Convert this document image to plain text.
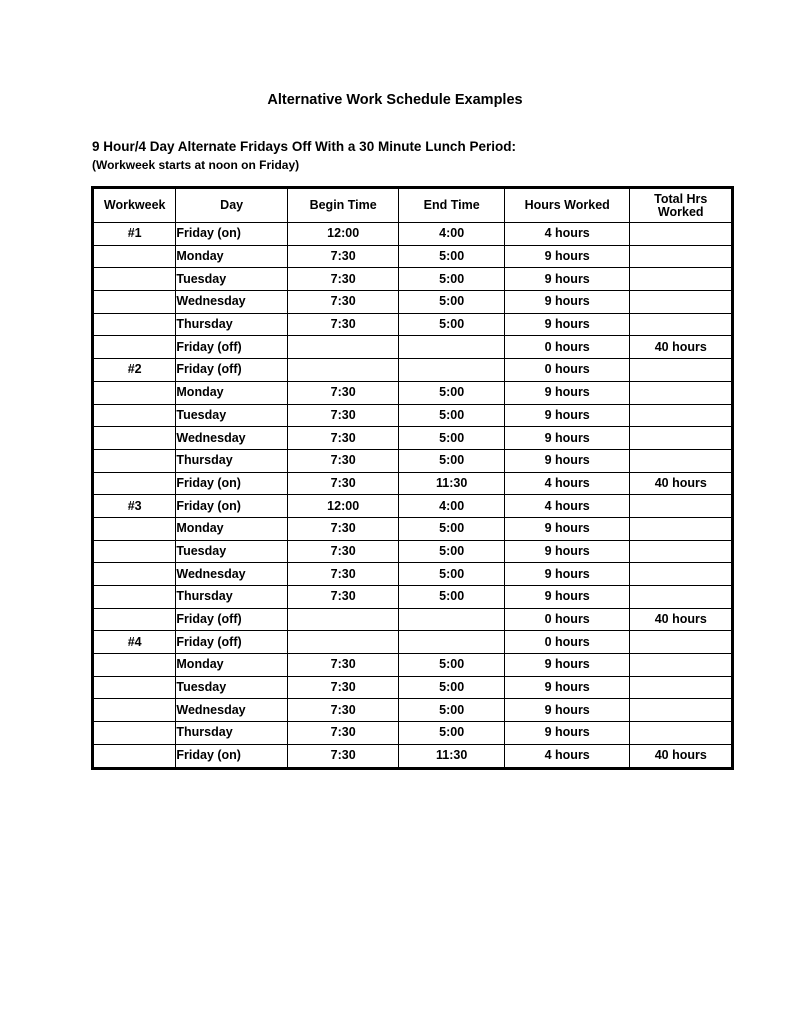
Alternative Work Schedule Examples
9 Hour/4 Day Alternate Fridays Off With a 30 Minute Lunch Period:
(Workweek starts at noon on Friday)
Workweek	Day	Begin Time	End Time	Hours Worked	Total Hrs
Worked

#1	Friday (on)	12:00	4:00	4 hours	
	Monday	7:30	5:00	9 hours	
	Tuesday	7:30	5:00	9 hours	
	Wednesday	7:30	5:00	9 hours	
	Thursday	7:30	5:00	9 hours	
	Friday (off)			0 hours	40 hours
#2	Friday (off)			0 hours	
	Monday	7:30	5:00	9 hours	
	Tuesday	7:30	5:00	9 hours	
	Wednesday	7:30	5:00	9 hours	
	Thursday	7:30	5:00	9 hours	
	Friday (on)	7:30	11:30	4 hours	40 hours
#3	Friday (on)	12:00	4:00	4 hours	
	Monday	7:30	5:00	9 hours	
	Tuesday	7:30	5:00	9 hours	
	Wednesday	7:30	5:00	9 hours	
	Thursday	7:30	5:00	9 hours	
	Friday (off)			0 hours	40 hours
#4	Friday (off)			0 hours	
	Monday	7:30	5:00	9 hours	
	Tuesday	7:30	5:00	9 hours	
	Wednesday	7:30	5:00	9 hours	
	Thursday	7:30	5:00	9 hours	
	Friday (on)	7:30	11:30	4 hours	40 hours
